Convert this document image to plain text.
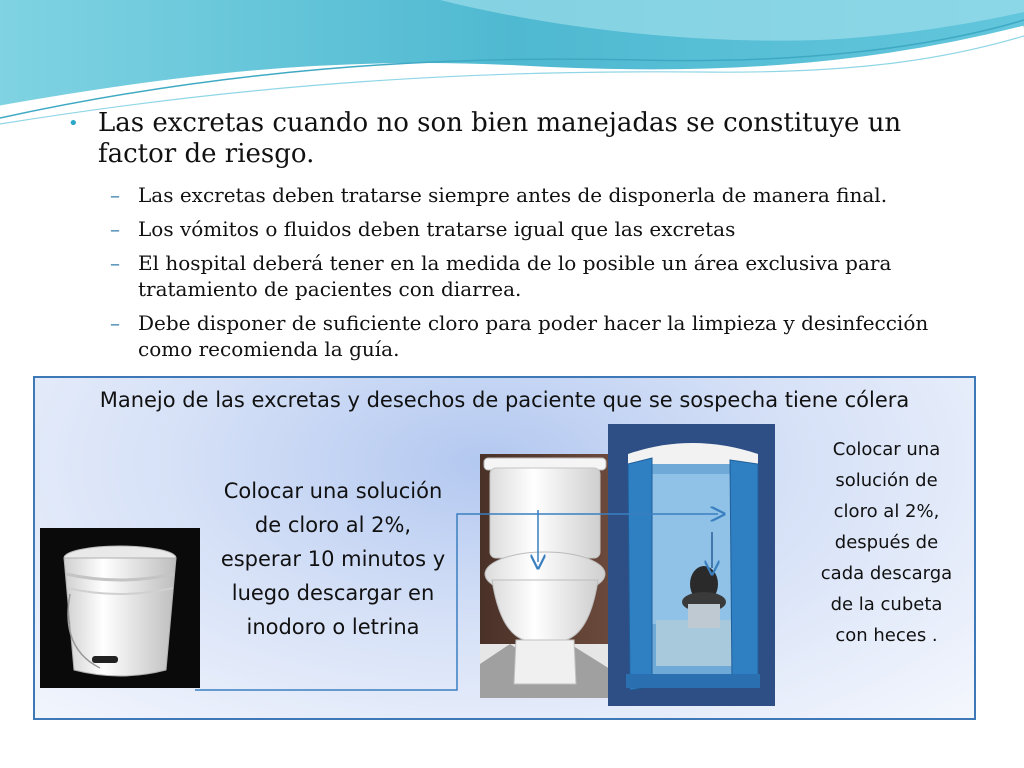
• Las excretas cuando no son bien manejadas se constituye un factor de riesgo.
– Las excretas deben tratarse siempre antes de disponerla de manera final.
– Los vómitos o fluidos deben tratarse igual que las excretas
– El hospital deberá tener en la medida de lo posible un área exclusiva para tratamiento de pacientes con diarrea.
– Debe disponer de suficiente cloro para poder hacer la limpieza y desinfección como recomienda la guía.
Manejo de las excretas y desechos de paciente que se sospecha tiene cólera
Colocar una solución de cloro al 2%, esperar 10 minutos y luego descargar en inodoro o letrina
Colocar una solución de cloro al 2%, después de cada descarga de la cubeta con heces .
